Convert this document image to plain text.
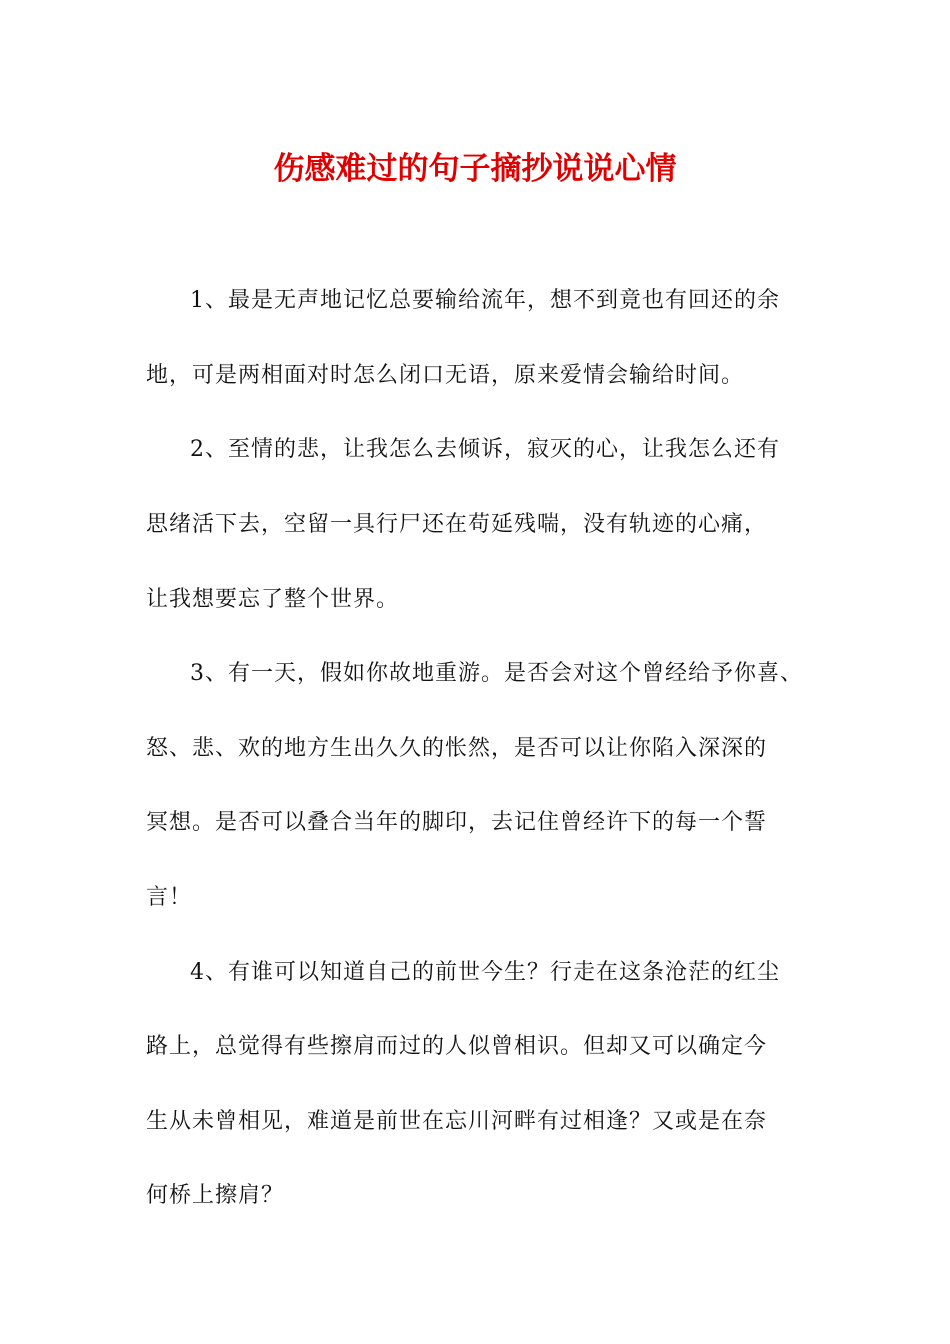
伤感难过的句子摘抄说说心情
1、最是无声地记忆总要输给流年，想不到竟也有回还的余
地，可是两相面对时怎么闭口无语，原来爱情会输给时间。
2、至情的悲，让我怎么去倾诉，寂灭的心，让我怎么还有
思绪活下去，空留一具行尸还在苟延残喘，没有轨迹的心痛，
让我想要忘了整个世界。
3、有一天，假如你故地重游。是否会对这个曾经给予你喜、
怒、悲、欢的地方生出久久的怅然，是否可以让你陷入深深的
冥想。是否可以叠合当年的脚印，去记住曾经许下的每一个誓
言！
4、有谁可以知道自己的前世今生？行走在这条沧茫的红尘
路上，总觉得有些擦肩而过的人似曾相识。但却又可以确定今
生从未曾相见，难道是前世在忘川河畔有过相逢？又或是在奈
何桥上擦肩？
